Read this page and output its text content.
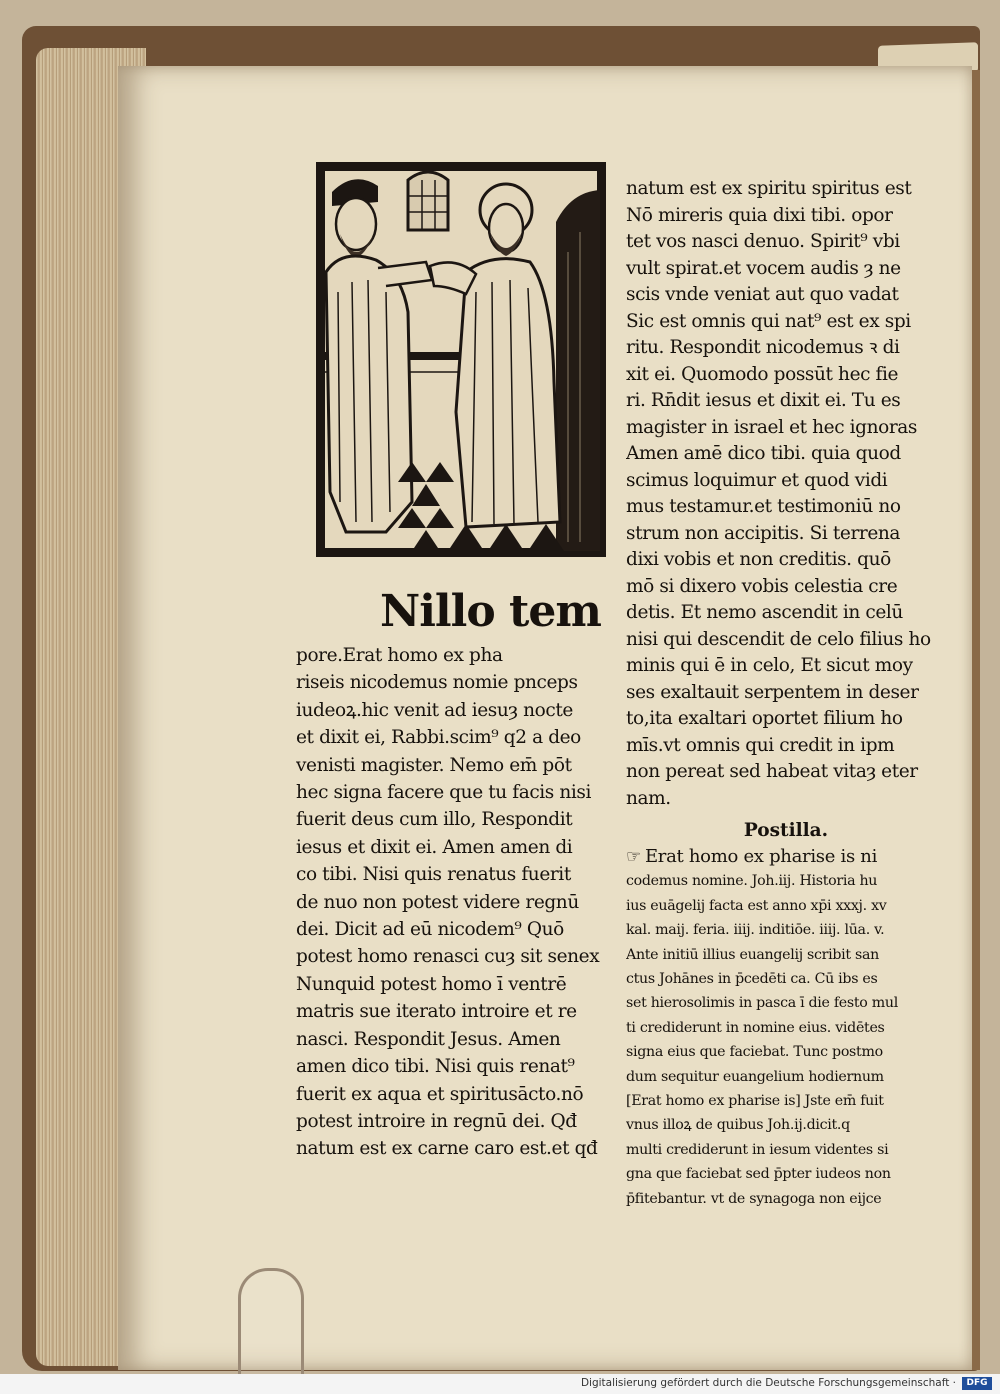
Nillo tem
pore.Erat homo ex pha
riseis nicodemus nomie pnceps
iudeoꝝ.hic venit ad iesuȝ nocte
et dixit ei, Rabbi.scim⁹ q2 a deo
venisti magister. Nemo em̄ pōt
hec signa facere que tu facis nisi
fuerit deus cum illo, Respondit
iesus et dixit ei. Amen amen di
co tibi. Nisi quis renatus fuerit
de nuo non potest videre regnū
dei. Dicit ad eū nicodem⁹ Quō
potest homo renasci cuȝ sit senex
Nunquid potest homo ī ventrē
matris sue iterato introire et re
nasci. Respondit Jesus. Amen
amen dico tibi. Nisi quis renat⁹
fuerit ex aqua et spiritusācto.nō
potest introire in regnū dei. Qđ
natum est ex carne caro est.et qđ
natum est ex spiritu spiritus est
Nō mireris quia dixi tibi. opor
tet vos nasci denuo. Spirit⁹ vbi
vult spirat.et vocem audis ȝ ne
scis vnde veniat aut quo vadat
Sic est omnis qui nat⁹ est ex spi
ritu. Respondit nicodemus ꝛ di
xit ei. Quomodo possūt hec fie
ri. Rn̄dit iesus et dixit ei. Tu es
magister in israel et hec ignoras
Amen amē dico tibi. quia quod
scimus loquimur et quod vidi
mus testamur.et testimoniū no
strum non accipitis. Si terrena
dixi vobis et non creditis. quō
mō si dixero vobis celestia cre
detis. Et nemo ascendit in celū
nisi qui descendit de celo filius ho
minis qui ē in celo, Et sicut moy
ses exaltauit serpentem in deser
to,ita exaltari oportet filium ho
mīs.vt omnis qui credit in ipm
non pereat sed habeat vitaȝ eter
nam.
Postilla.
☞ Erat homo ex pharise is ni
codemus nomine. Joh.iij. Historia hu
ius euāgelij facta est anno xp̄i xxxj. xv
kal. maij. feria. iiij. inditiōe. iiij. lūa. v.
Ante initiū illius euangelij scribit san
ctus Johānes in p̄cedēti ca. Cū ibs es
set hierosolimis in pascа ī die festo mul
ti crediderunt in nomine eius. vidētes
signa eius que faciebat. Tunc postmo
dum sequitur euangelium hodiernum
[Erat homo ex pharise is] Jste em̄ fuit
vnus illoꝝ de quibus Joh.ij.dicit.q
multi crediderunt in iesum videntes si
gna que faciebat sed p̄pter iudeos non
p̄fitebantur. vt de synagoga non eijce
Digitalisierung gefördert durch die Deutsche Forschungsgemeinschaft ·	DFG
